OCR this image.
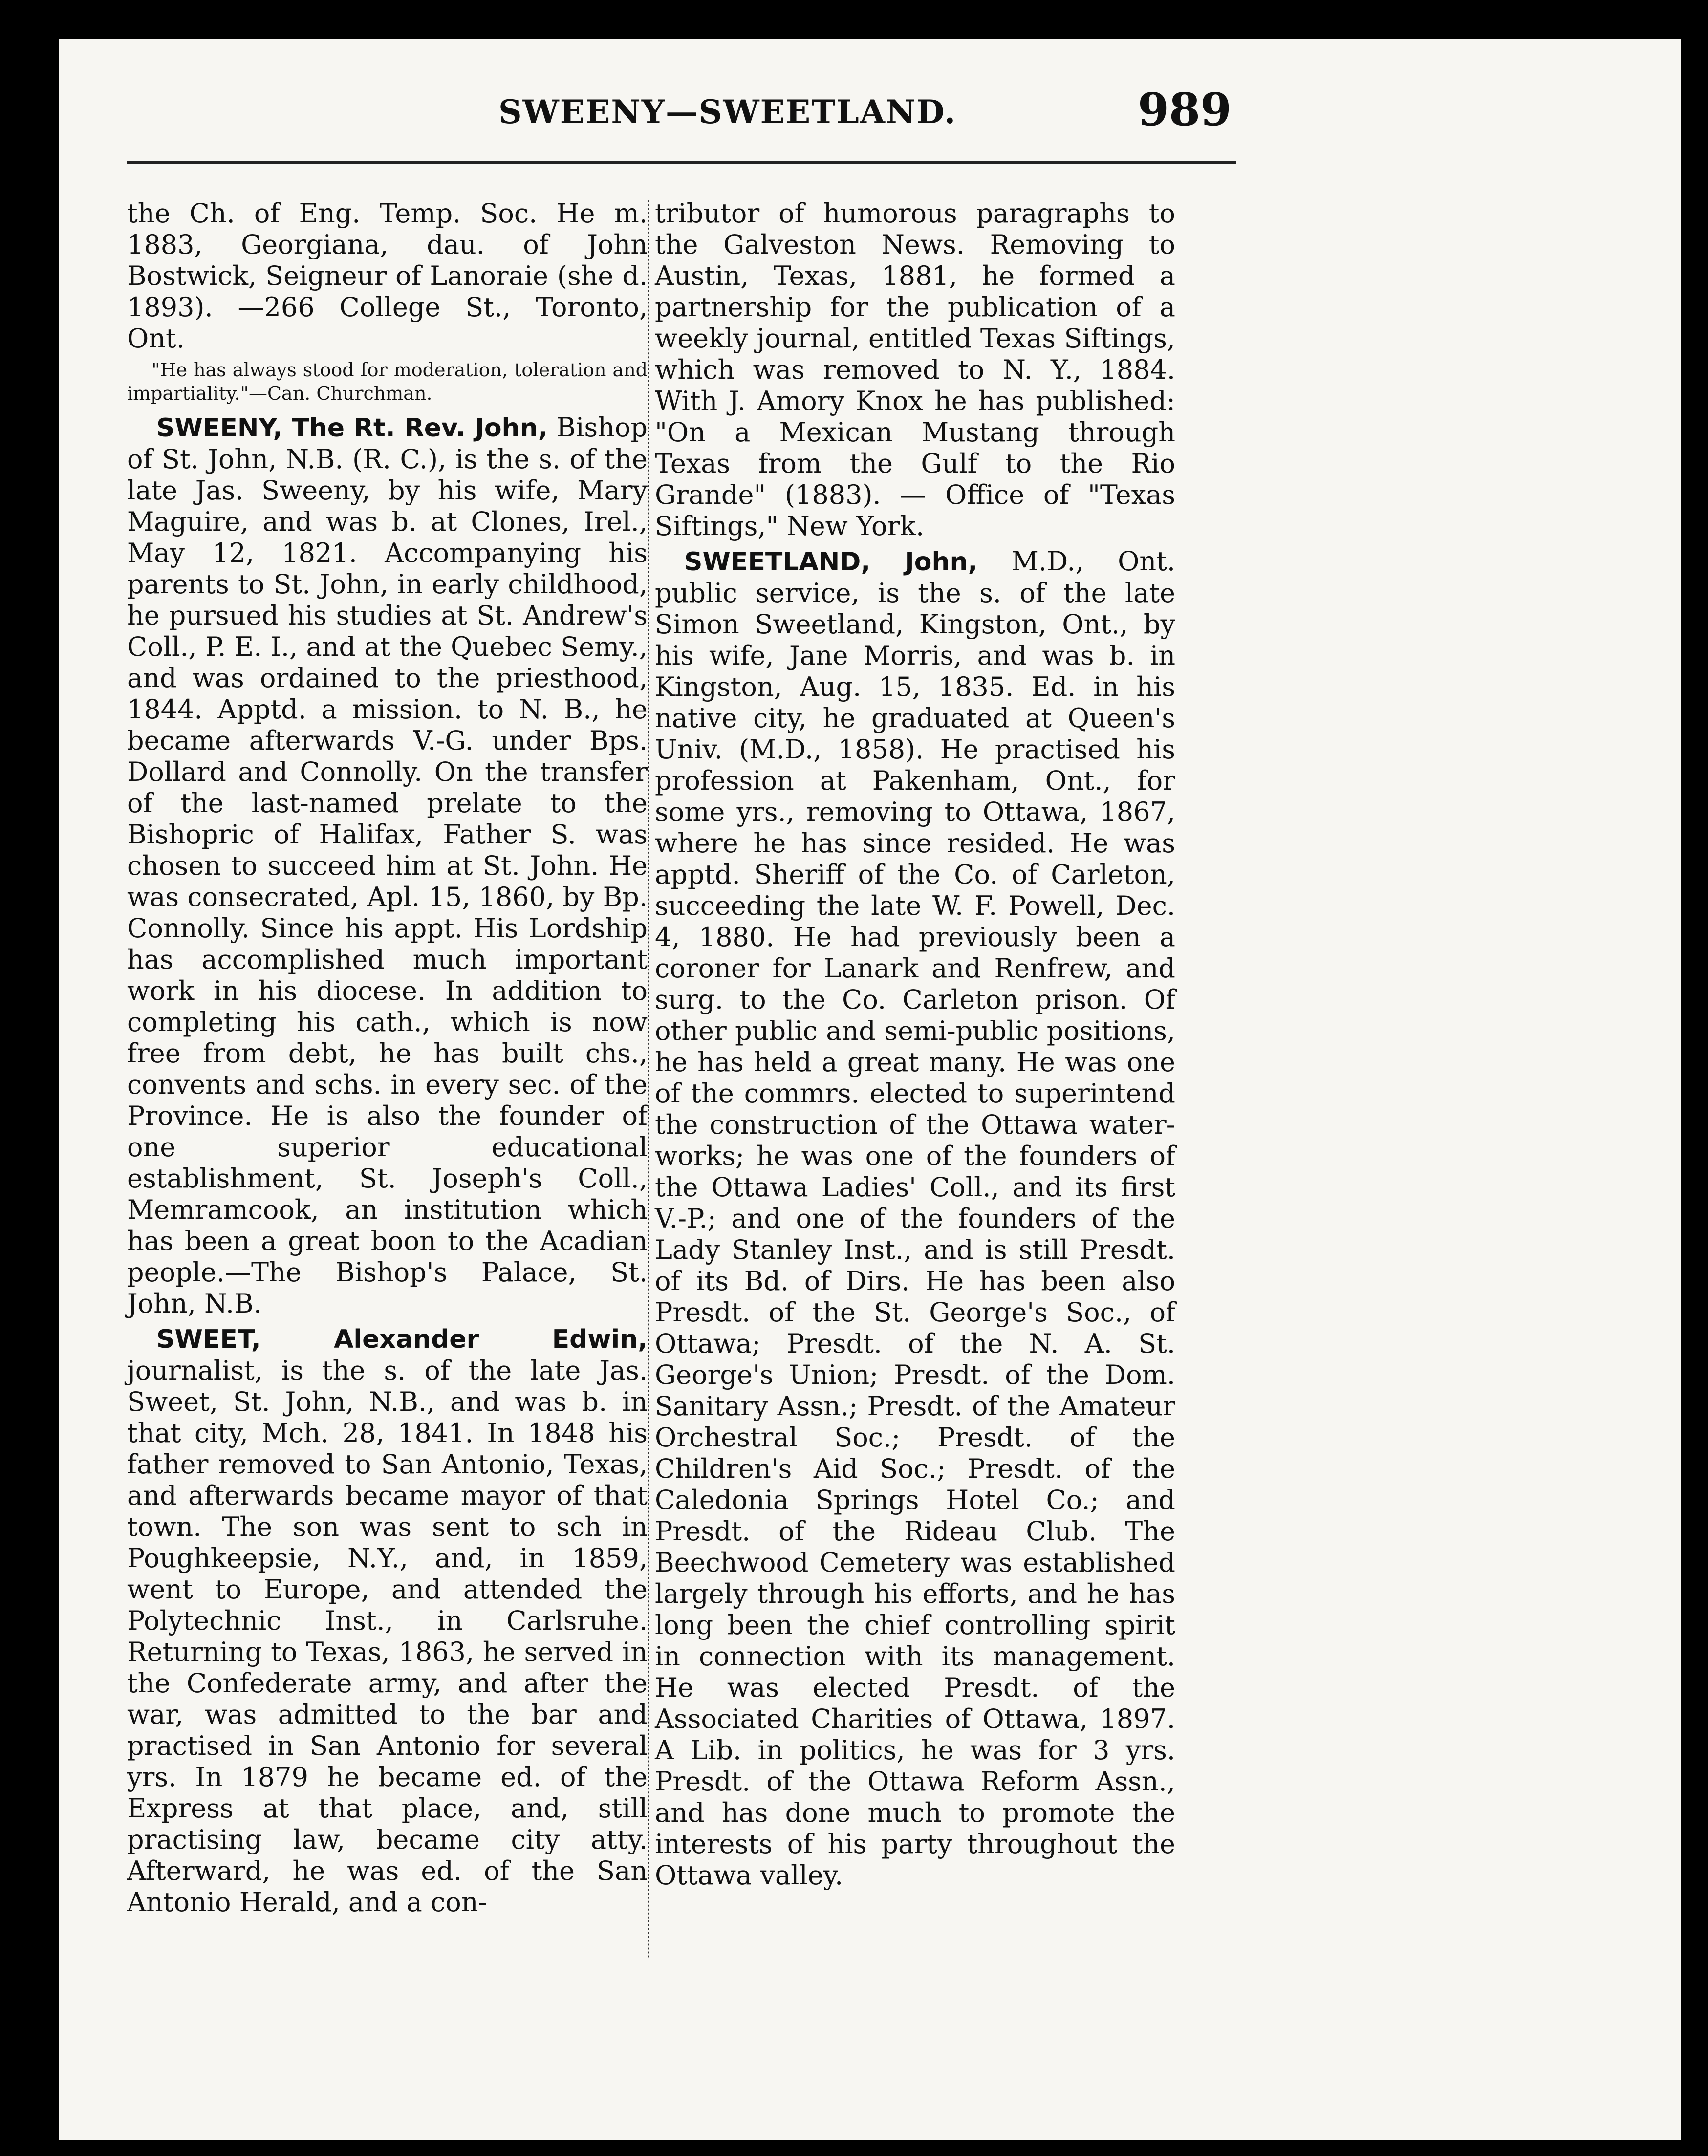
SWEENY—SWEETLAND.	989

the Ch. of Eng. Temp. Soc. He m. 1883, Georgiana, dau. of John Bostwick, Seigneur of Lanoraie (she d. 1893). —266 College St., Toronto, Ont.

"He has always stood for moderation, toleration and impartiality."—Can. Churchman.

SWEENY, The Rt. Rev. John, Bishop of St. John, N.B. (R. C.), is the s. of the late Jas. Sweeny, by his wife, Mary Maguire, and was b. at Clones, Irel., May 12, 1821. Accompanying his parents to St. John, in early childhood, he pursued his studies at St. Andrew's Coll., P. E. I., and at the Quebec Semy., and was ordained to the priesthood, 1844. Apptd. a mission. to N. B., he became afterwards V.-G. under Bps. Dollard and Connolly. On the transfer of the last-named prelate to the Bishopric of Halifax, Father S. was chosen to succeed him at St. John. He was consecrated, Apl. 15, 1860, by Bp. Connolly. Since his appt. His Lordship has accomplished much important work in his diocese. In addition to completing his cath., which is now free from debt, he has built chs., convents and schs. in every sec. of the Province. He is also the founder of one superior educational establishment, St. Joseph's Coll., Memramcook, an institution which has been a great boon to the Acadian people.—The Bishop's Palace, St. John, N.B.

SWEET, Alexander Edwin, journalist, is the s. of the late Jas. Sweet, St. John, N.B., and was b. in that city, Mch. 28, 1841. In 1848 his father removed to San Antonio, Texas, and afterwards became mayor of that town. The son was sent to sch in Poughkeepsie, N.Y., and, in 1859, went to Europe, and attended the Polytechnic Inst., in Carlsruhe. Returning to Texas, 1863, he served in the Confederate army, and after the war, was admitted to the bar and practised in San Antonio for several yrs. In 1879 he became ed. of the Express at that place, and, still practising law, became city atty. Afterward, he was ed. of the San Antonio Herald, and a con-

tributor of humorous paragraphs to the Galveston News. Removing to Austin, Texas, 1881, he formed a partnership for the publication of a weekly journal, entitled Texas Siftings, which was removed to N. Y., 1884. With J. Amory Knox he has published: "On a Mexican Mustang through Texas from the Gulf to the Rio Grande" (1883). — Office of "Texas Siftings," New York.

SWEETLAND, John, M.D., Ont. public service, is the s. of the late Simon Sweetland, Kingston, Ont., by his wife, Jane Morris, and was b. in Kingston, Aug. 15, 1835. Ed. in his native city, he graduated at Queen's Univ. (M.D., 1858). He practised his profession at Pakenham, Ont., for some yrs., removing to Ottawa, 1867, where he has since resided. He was apptd. Sheriff of the Co. of Carleton, succeeding the late W. F. Powell, Dec. 4, 1880. He had previously been a coroner for Lanark and Renfrew, and surg. to the Co. Carleton prison. Of other public and semi-public positions, he has held a great many. He was one of the commrs. elected to superintend the construction of the Ottawa water-works; he was one of the founders of the Ottawa Ladies' Coll., and its first V.-P.; and one of the founders of the Lady Stanley Inst., and is still Presdt. of its Bd. of Dirs. He has been also Presdt. of the St. George's Soc., of Ottawa; Presdt. of the N. A. St. George's Union; Presdt. of the Dom. Sanitary Assn.; Presdt. of the Amateur Orchestral Soc.; Presdt. of the Children's Aid Soc.; Presdt. of the Caledonia Springs Hotel Co.; and Presdt. of the Rideau Club. The Beechwood Cemetery was established largely through his efforts, and he has long been the chief controlling spirit in connection with its management. He was elected Presdt. of the Associated Charities of Ottawa, 1897. A Lib. in politics, he was for 3 yrs. Presdt. of the Ottawa Reform Assn., and has done much to promote the interests of his party throughout the Ottawa valley.
